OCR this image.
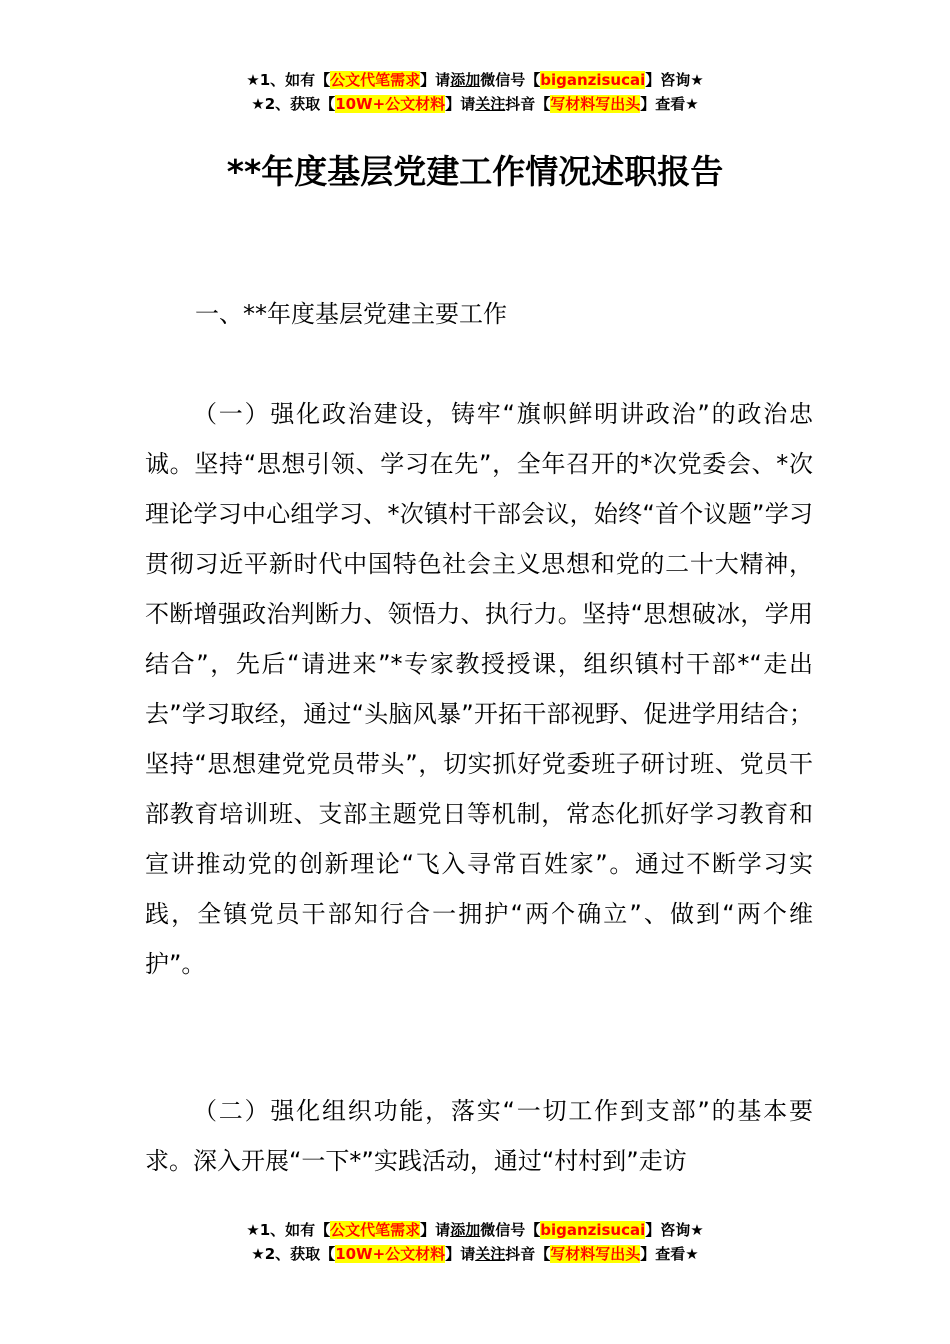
★1、如有【公文代笔需求】请添加微信号【biganzisucai】咨询★
★2、获取【10W+公文材料】请关注抖音【写材料写出头】查看★
**年度基层党建工作情况述职报告

一、**年度基层党建主要工作

（一）强化政治建设，铸牢“旗帜鲜明讲政治”的政治忠诚。坚持“思想引领、学习在先”，全年召开的*次党委会、*次理论学习中心组学习、*次镇村干部会议，始终“首个议题”学习贯彻习近平新时代中国特色社会主义思想和党的二十大精神，不断增强政治判断力、领悟力、执行力。坚持“思想破冰，学用结合”，先后“请进来”*专家教授授课，组织镇村干部*“走出去”学习取经，通过“头脑风暴”开拓干部视野、促进学用结合；坚持“思想建党党员带头”，切实抓好党委班子研讨班、党员干部教育培训班、支部主题党日等机制，常态化抓好学习教育和宣讲推动党的创新理论“飞入寻常百姓家”。通过不断学习实践，全镇党员干部知行合一拥护“两个确立”、做到“两个维护”。

（二）强化组织功能，落实“一切工作到支部”的基本要求。深入开展“一下*”实践活动，通过“村村到”走访

★1、如有【公文代笔需求】请添加微信号【biganzisucai】咨询★
★2、获取【10W+公文材料】请关注抖音【写材料写出头】查看★
